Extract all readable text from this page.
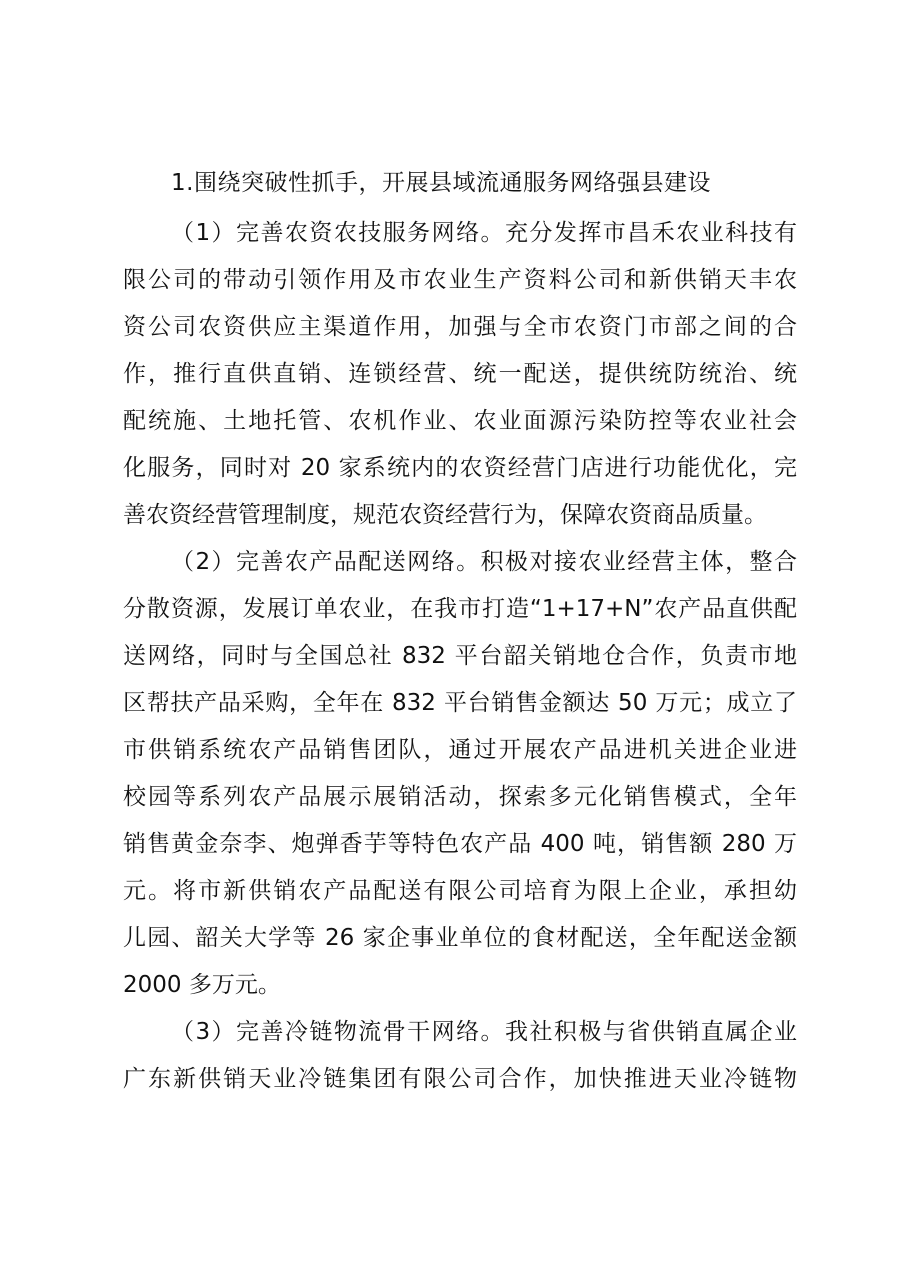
1.围绕突破性抓手，开展县域流通服务网络强县建设

（1）完善农资农技服务网络。充分发挥市昌禾农业科技有
限公司的带动引领作用及市农业生产资料公司和新供销天丰农
资公司农资供应主渠道作用，加强与全市农资门市部之间的合
作，推行直供直销、连锁经营、统一配送，提供统防统治、统
配统施、土地托管、农机作业、农业面源污染防控等农业社会
化服务，同时对 20 家系统内的农资经营门店进行功能优化，完
善农资经营管理制度，规范农资经营行为，保障农资商品质量。

（2）完善农产品配送网络。积极对接农业经营主体，整合
分散资源，发展订单农业，在我市打造“1+17+N”农产品直供配
送网络，同时与全国总社 832 平台韶关销地仓合作，负责市地
区帮扶产品采购，全年在 832 平台销售金额达 50 万元；成立了
市供销系统农产品销售团队，通过开展农产品进机关进企业进
校园等系列农产品展示展销活动，探索多元化销售模式，全年
销售黄金奈李、炮弹香芋等特色农产品 400 吨，销售额 280 万
元。将市新供销农产品配送有限公司培育为限上企业，承担幼
儿园、韶关大学等 26 家企事业单位的食材配送，全年配送金额
2000 多万元。

（3）完善冷链物流骨干网络。我社积极与省供销直属企业
广东新供销天业冷链集团有限公司合作，加快推进天业冷链物
